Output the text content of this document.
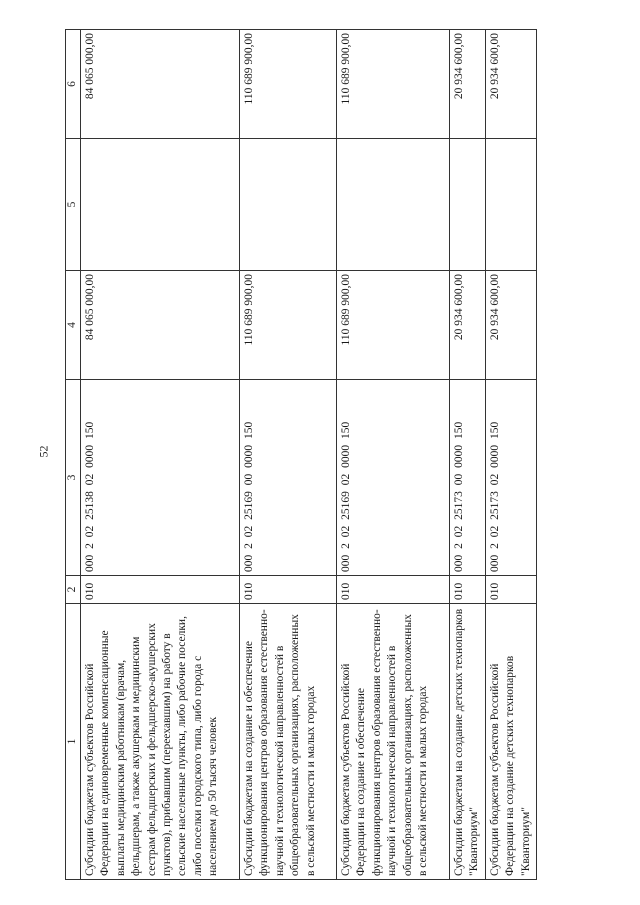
52
1	2	3	4	5	6
Субсидии бюджетам субъектов Российской Федерации на единовременные компенсационные выплаты медицинским работникам (врачам, фельдшерам, а также акушеркам и медицинским сестрам фельдшерских и фельдшерско-акушерских пунктов), прибывшим (переехавшим) на работу в сельские населенные пункты, либо рабочие поселки, либо поселки городского типа, либо города с населением до 50 тысяч человек	010	000 2 02 25138 02 0000 150	84 065 000,00		84 065 000,00
Субсидии бюджетам на создание и обеспечение функционирования центров образования естественно-научной и технологической направленностей в общеобразовательных организациях, расположенных в сельской местности и малых городах	010	000 2 02 25169 00 0000 150	110 689 900,00		110 689 900,00
Субсидии бюджетам субъектов Российской Федерации на создание и обеспечение функционирования центров образования естественно-научной и технологической направленностей в общеобразовательных организациях, расположенных в сельской местности и малых городах	010	000 2 02 25169 02 0000 150	110 689 900,00		110 689 900,00
Субсидии бюджетам на создание детских технопарков "Кванториум"	010	000 2 02 25173 00 0000 150	20 934 600,00		20 934 600,00
Субсидии бюджетам субъектов Российской Федерации на создание детских технопарков "Кванториум"	010	000 2 02 25173 02 0000 150	20 934 600,00		20 934 600,00
